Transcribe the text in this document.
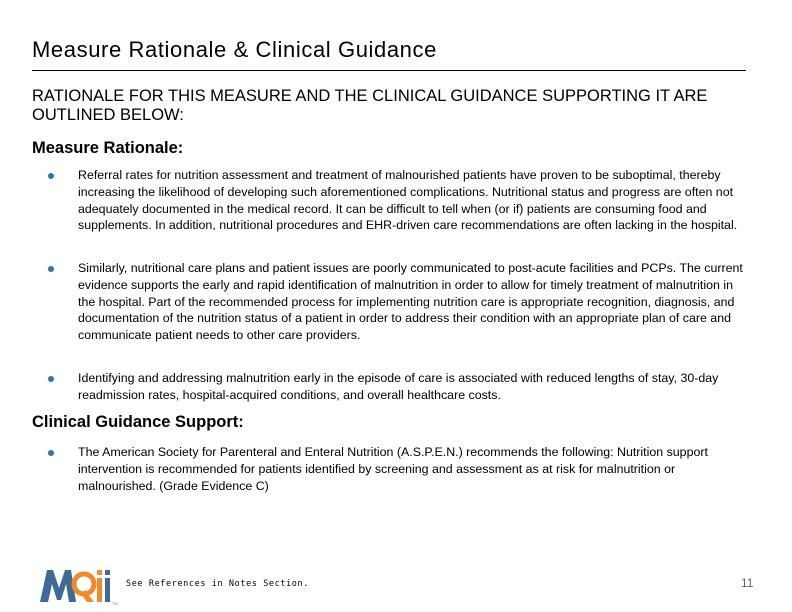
Measure Rationale & Clinical Guidance
RATIONALE FOR THIS MEASURE AND THE CLINICAL GUIDANCE SUPPORTING IT ARE OUTLINED BELOW:
Measure Rationale:
Referral rates for nutrition assessment and treatment of malnourished patients have proven to be suboptimal, thereby increasing the likelihood of developing such aforementioned complications. Nutritional status and progress are often not adequately documented in the medical record. It can be difficult to tell when (or if) patients are consuming food and supplements. In addition, nutritional procedures and EHR-driven care recommendations are often lacking in the hospital.
Similarly, nutritional care plans and patient issues are poorly communicated to post-acute facilities and PCPs. The current evidence supports the early and rapid identification of malnutrition in order to allow for timely treatment of malnutrition in the hospital. Part of the recommended process for implementing nutrition care is appropriate recognition, diagnosis, and documentation of the nutrition status of a patient in order to address their condition with an appropriate plan of care and communicate patient needs to other care providers.
Identifying and addressing malnutrition early in the episode of care is associated with reduced lengths of stay, 30-day readmission rates, hospital-acquired conditions, and overall healthcare costs.
Clinical Guidance Support:
The American Society for Parenteral and Enteral Nutrition (A.S.P.E.N.) recommends the following: Nutrition support intervention is recommended for patients identified by screening and assessment as at risk for malnutrition or malnourished. (Grade Evidence C)
TM
See References in Notes Section.	11
